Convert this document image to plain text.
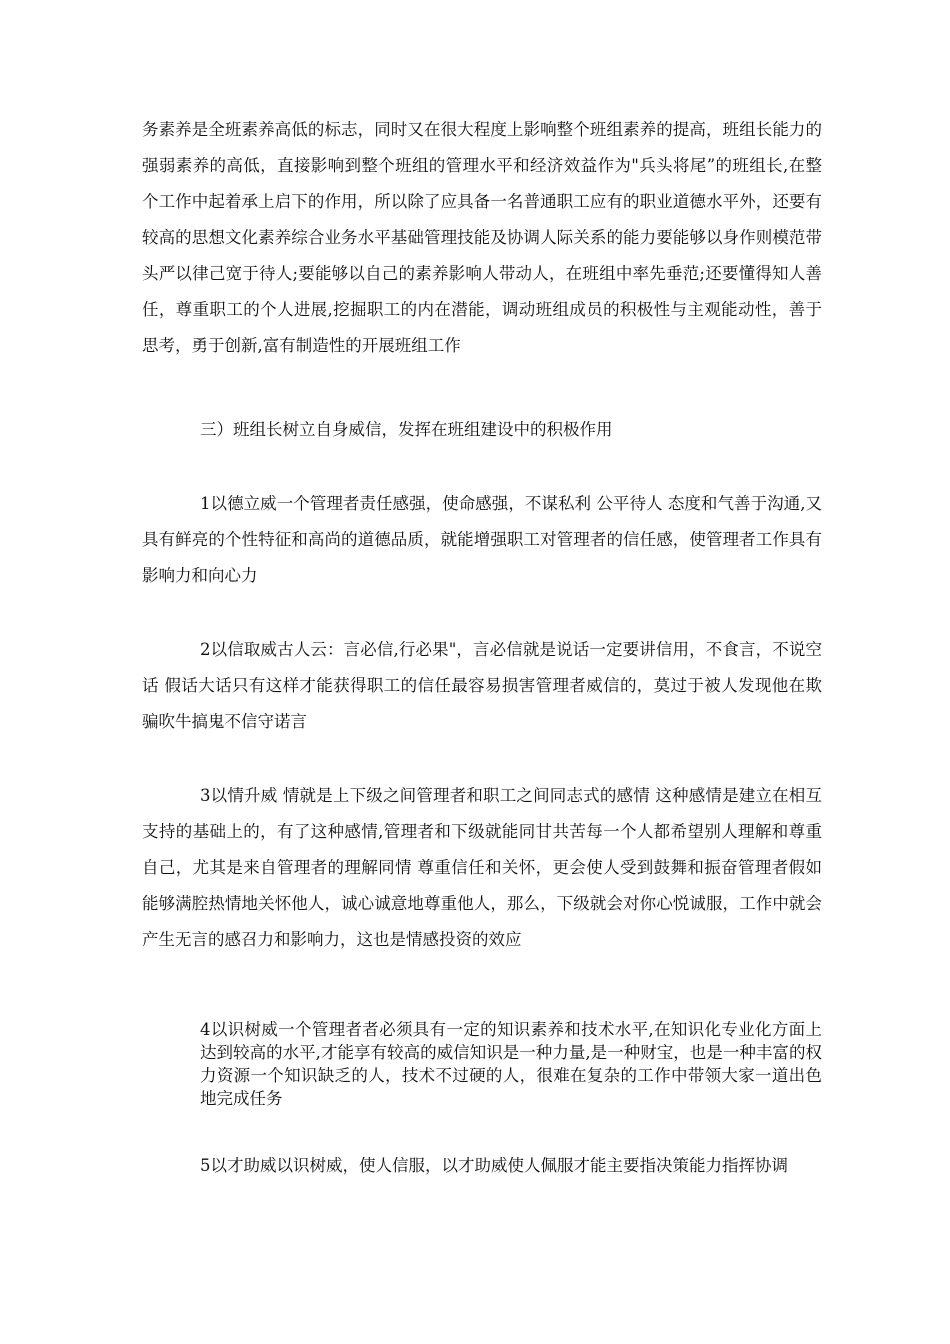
务素养是全班素养高低的标志，同时又在很大程度上影响整个班组素养的提高，班组长能力的强弱素养的高低，直接影响到整个班组的管理水平和经济效益作为"兵头将尾”的班组长,在整个工作中起着承上启下的作用，所以除了应具备一名普通职工应有的职业道德水平外，还要有较高的思想文化素养综合业务水平基础管理技能及协调人际关系的能力要能够以身作则模范带头严以律己宽于待人;要能够以自己的素养影响人带动人，在班组中率先垂范;还要懂得知人善任，尊重职工的个人进展,挖掘职工的内在潜能，调动班组成员的积极性与主观能动性，善于思考，勇于创新,富有制造性的开展班组工作

三）班组长树立自身威信，发挥在班组建设中的积极作用

1以德立威一个管理者责任感强，使命感强，不谋私利 公平待人 态度和气善于沟通,又具有鲜亮的个性特征和高尚的道德品质，就能增强职工对管理者的信任感，使管理者工作具有影响力和向心力

2以信取威古人云：言必信,行必果"，言必信就是说话一定要讲信用，不食言，不说空话 假话大话只有这样才能获得职工的信任最容易损害管理者威信的，莫过于被人发现他在欺骗吹牛搞鬼不信守诺言

3以情升威 情就是上下级之间管理者和职工之间同志式的感情 这种感情是建立在相互支持的基础上的，有了这种感情,管理者和下级就能同甘共苦每一个人都希望别人理解和尊重自己，尤其是来自管理者的理解同情 尊重信任和关怀，更会使人受到鼓舞和振奋管理者假如能够满腔热情地关怀他人，诚心诚意地尊重他人，那么，下级就会对你心悦诚服，工作中就会产生无言的感召力和影响力，这也是情感投资的效应

4以识树威一个管理者者必须具有一定的知识素养和技术水平,在知识化专业化方面上达到较高的水平,才能享有较高的威信知识是一种力量,是一种财宝，也是一种丰富的权力资源一个知识缺乏的人，技术不过硬的人，很难在复杂的工作中带领大家一道出色地完成任务

5以才助威以识树威，使人信服，以才助威使人佩服才能主要指决策能力指挥协调
